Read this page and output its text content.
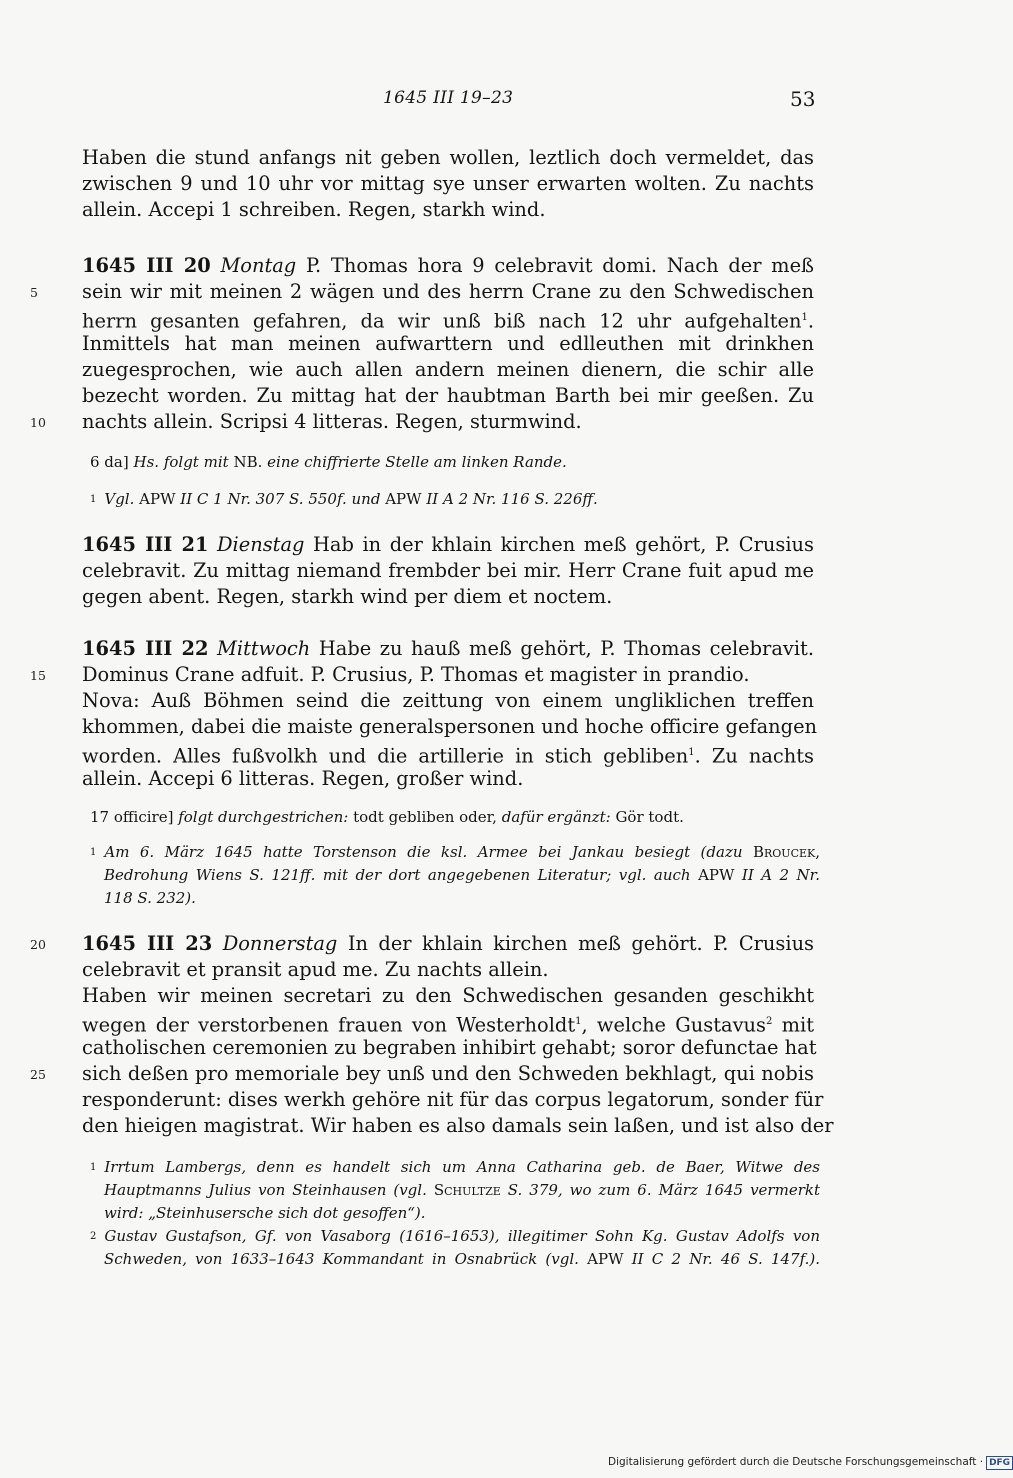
1645 III 19–23	53
Haben die stund anfangs nit geben wollen, leztlich doch vermeldet, das
zwischen 9 und 10 uhr vor mittag sye unser erwarten wolten. Zu nachts
allein. Accepi 1 schreiben. Regen, starkh wind.
1645 III 20 Montag P. Thomas hora 9 celebravit domi. Nach der meß
5	sein wir mit meinen 2 wägen und des herrn Crane zu den Schwedischen
herrn gesanten gefahren, da wir unß biß nach 12 uhr aufgehalten$^1$.
Inmittels hat man meinen aufwarttern und edlleuthen mit drinkhen
zuegesprochen, wie auch allen andern meinen dienern, die schir alle
bezecht worden. Zu mittag hat der haubtman Barth bei mir geeßen. Zu
10	nachts allein. Scripsi 4 litteras. Regen, sturmwind.
6 da] Hs. folgt mit NB. eine chiffrierte Stelle am linken Rande.
$^1$ Vgl. APW II C 1 Nr. 307 S. 550f. und APW II A 2 Nr. 116 S. 226ff.
1645 III 21 Dienstag Hab in der khlain kirchen meß gehört, P. Crusius
celebravit. Zu mittag niemand frembder bei mir. Herr Crane fuit apud me
gegen abent. Regen, starkh wind per diem et noctem.
1645 III 22 Mittwoch Habe zu hauß meß gehört, P. Thomas celebravit.
15	Dominus Crane adfuit. P. Crusius, P. Thomas et magister in prandio.
Nova: Auß Böhmen seind die zeittung von einem ungliklichen treffen
khommen, dabei die maiste generalspersonen und hoche officire gefangen
worden. Alles fußvolkh und die artillerie in stich gebliben$^1$. Zu nachts
allein. Accepi 6 litteras. Regen, großer wind.
17 officire] folgt durchgestrichen: todt gebliben oder, dafür ergänzt: Gör todt.
$^1$ Am 6. März 1645 hatte Torstenson die ksl. Armee bei Jankau besiegt (dazu Broucek,
Bedrohung Wiens S. 121ff. mit der dort angegebenen Literatur; vgl. auch APW II A 2 Nr.
118 S. 232).
20	1645 III 23 Donnerstag In der khlain kirchen meß gehört. P. Crusius
celebravit et pransit apud me. Zu nachts allein.
Haben wir meinen secretari zu den Schwedischen gesanden geschikht
wegen der verstorbenen frauen von Westerholdt$^1$, welche Gustavus$^2$ mit
catholischen ceremonien zu begraben inhibirt gehabt; soror defunctae hat
25	sich deßen pro memoriale bey unß und den Schweden bekhlagt, qui nobis
responderunt: dises werkh gehöre nit für das corpus legatorum, sonder für
den hieigen magistrat. Wir haben es also damals sein laßen, und ist also der
$^1$ Irrtum Lambergs, denn es handelt sich um Anna Catharina geb. de Baer, Witwe des
Hauptmanns Julius von Steinhausen (vgl. Schultze S. 379, wo zum 6. März 1645 vermerkt
wird: „Steinhusersche sich dot gesoffen“).
$^2$ Gustav Gustafson, Gf. von Vasaborg (1616–1653), illegitimer Sohn Kg. Gustav Adolfs von
Schweden, von 1633–1643 Kommandant in Osnabrück (vgl. APW II C 2 Nr. 46 S. 147f.).
Digitalisierung gefördert durch die Deutsche Forschungsgemeinschaft · DFG
